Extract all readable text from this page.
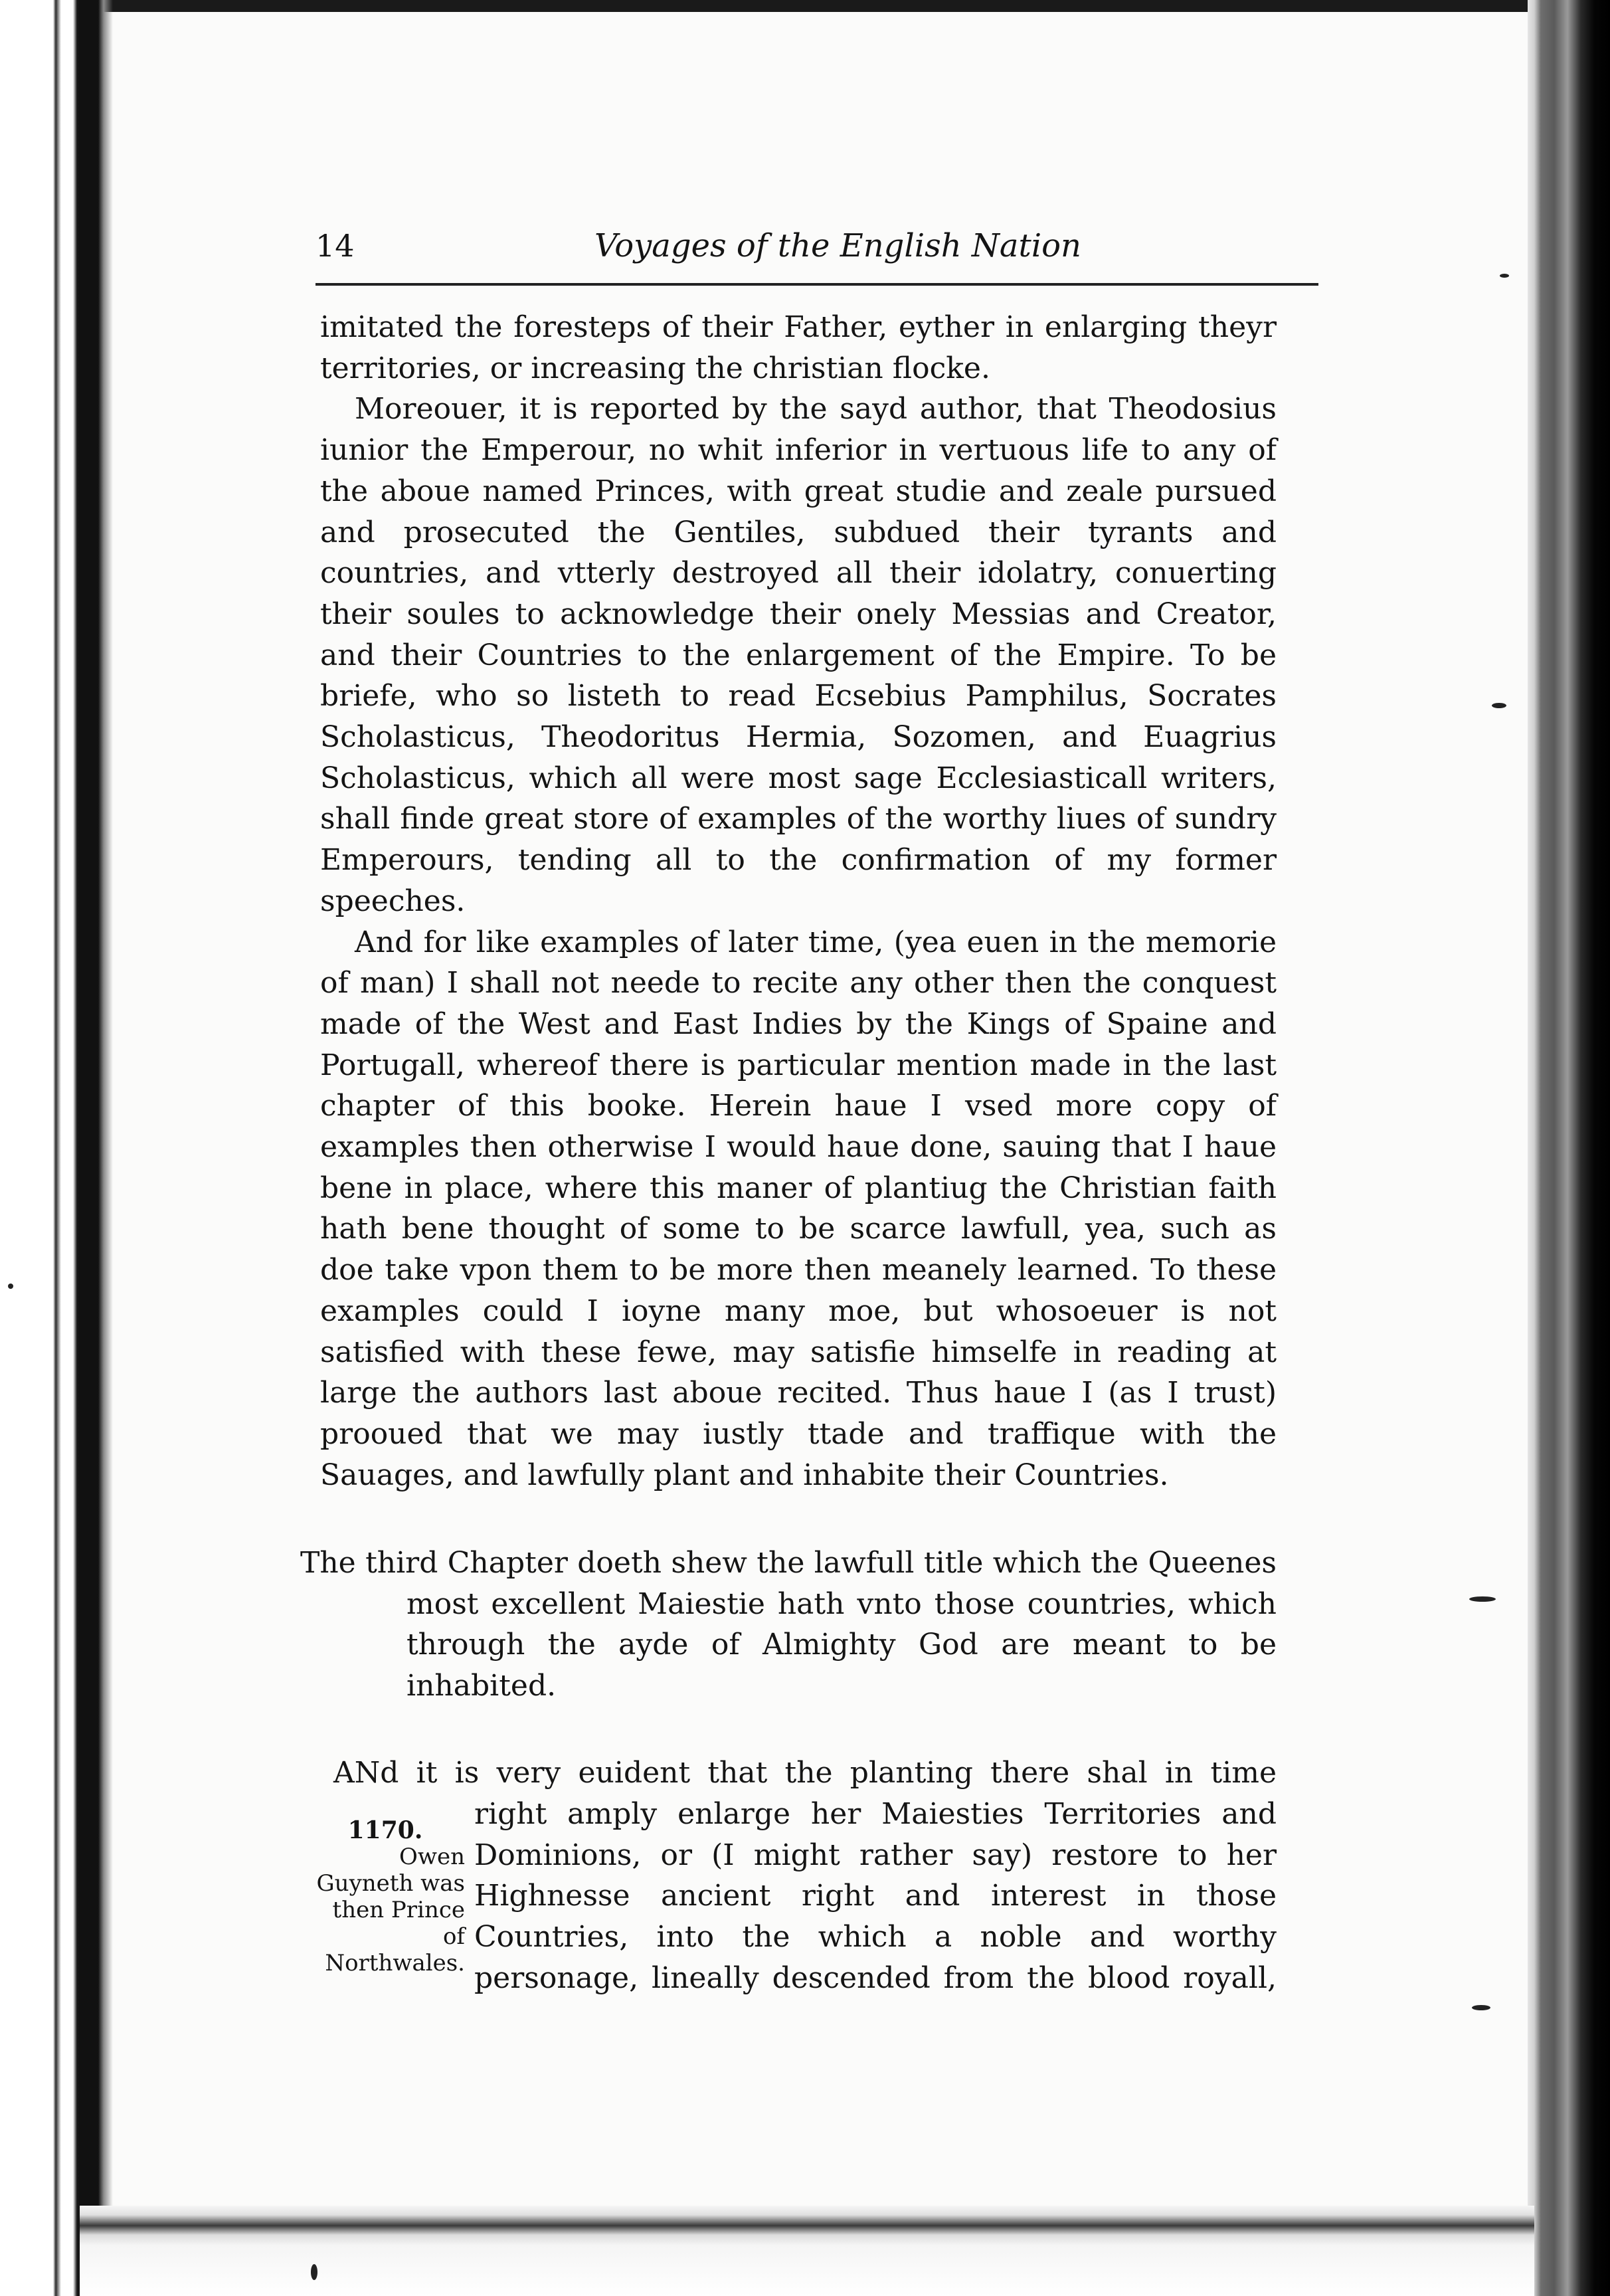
14	Voyages of the English Nation

imitated the foresteps of their Father, eyther in enlarging theyr territories, or increasing the christian flocke.

Moreouer, it is reported by the sayd author, that Theodosius iunior the Emperour, no whit inferior in vertuous life to any of the aboue named Princes, with great studie and zeale pursued and prosecuted the Gentiles, subdued their tyrants and countries, and vtterly destroyed all their idolatry, conuerting their soules to acknowledge their onely Messias and Creator, and their Countries to the enlargement of the Empire. To be briefe, who so listeth to read Ecsebius Pamphilus, Socrates Scholasticus, Theodoritus Hermia, Sozomen, and Euagrius Scholasticus, which all were most sage Ecclesiasticall writers, shall finde great store of examples of the worthy liues of sundry Emperours, tending all to the confirmation of my former speeches.

And for like examples of later time, (yea euen in the memorie of man) I shall not neede to recite any other then the conquest made of the West and East Indies by the Kings of Spaine and Portugall, whereof there is particular mention made in the last chapter of this booke. Herein haue I vsed more copy of examples then otherwise I would haue done, sauing that I haue bene in place, where this maner of plantiug the Christian faith hath bene thought of some to be scarce lawfull, yea, such as doe take vpon them to be more then meanely learned. To these examples could I ioyne many moe, but whosoeuer is not satisfied with these fewe, may satisfie himselfe in reading at large the authors last aboue recited. Thus haue I (as I trust) prooued that we may iustly ttade and traffique with the Sauages, and lawfully plant and inhabite their Countries.

The third Chapter doeth shew the lawfull title which the Queenes most excellent Maiestie hath vnto those countries, which through the ayde of Almighty God are meant to be inhabited.
ANd it is very euident that the planting there shal in time
right amply enlarge her Maiesties Territories and Dominions, or (I might rather say) restore to her Highnesse ancient right and interest in those Countries, into the which a noble and worthy personage, lineally descended from the blood royall,
1170.
Owen Guyneth was then Prince of Northwales.
